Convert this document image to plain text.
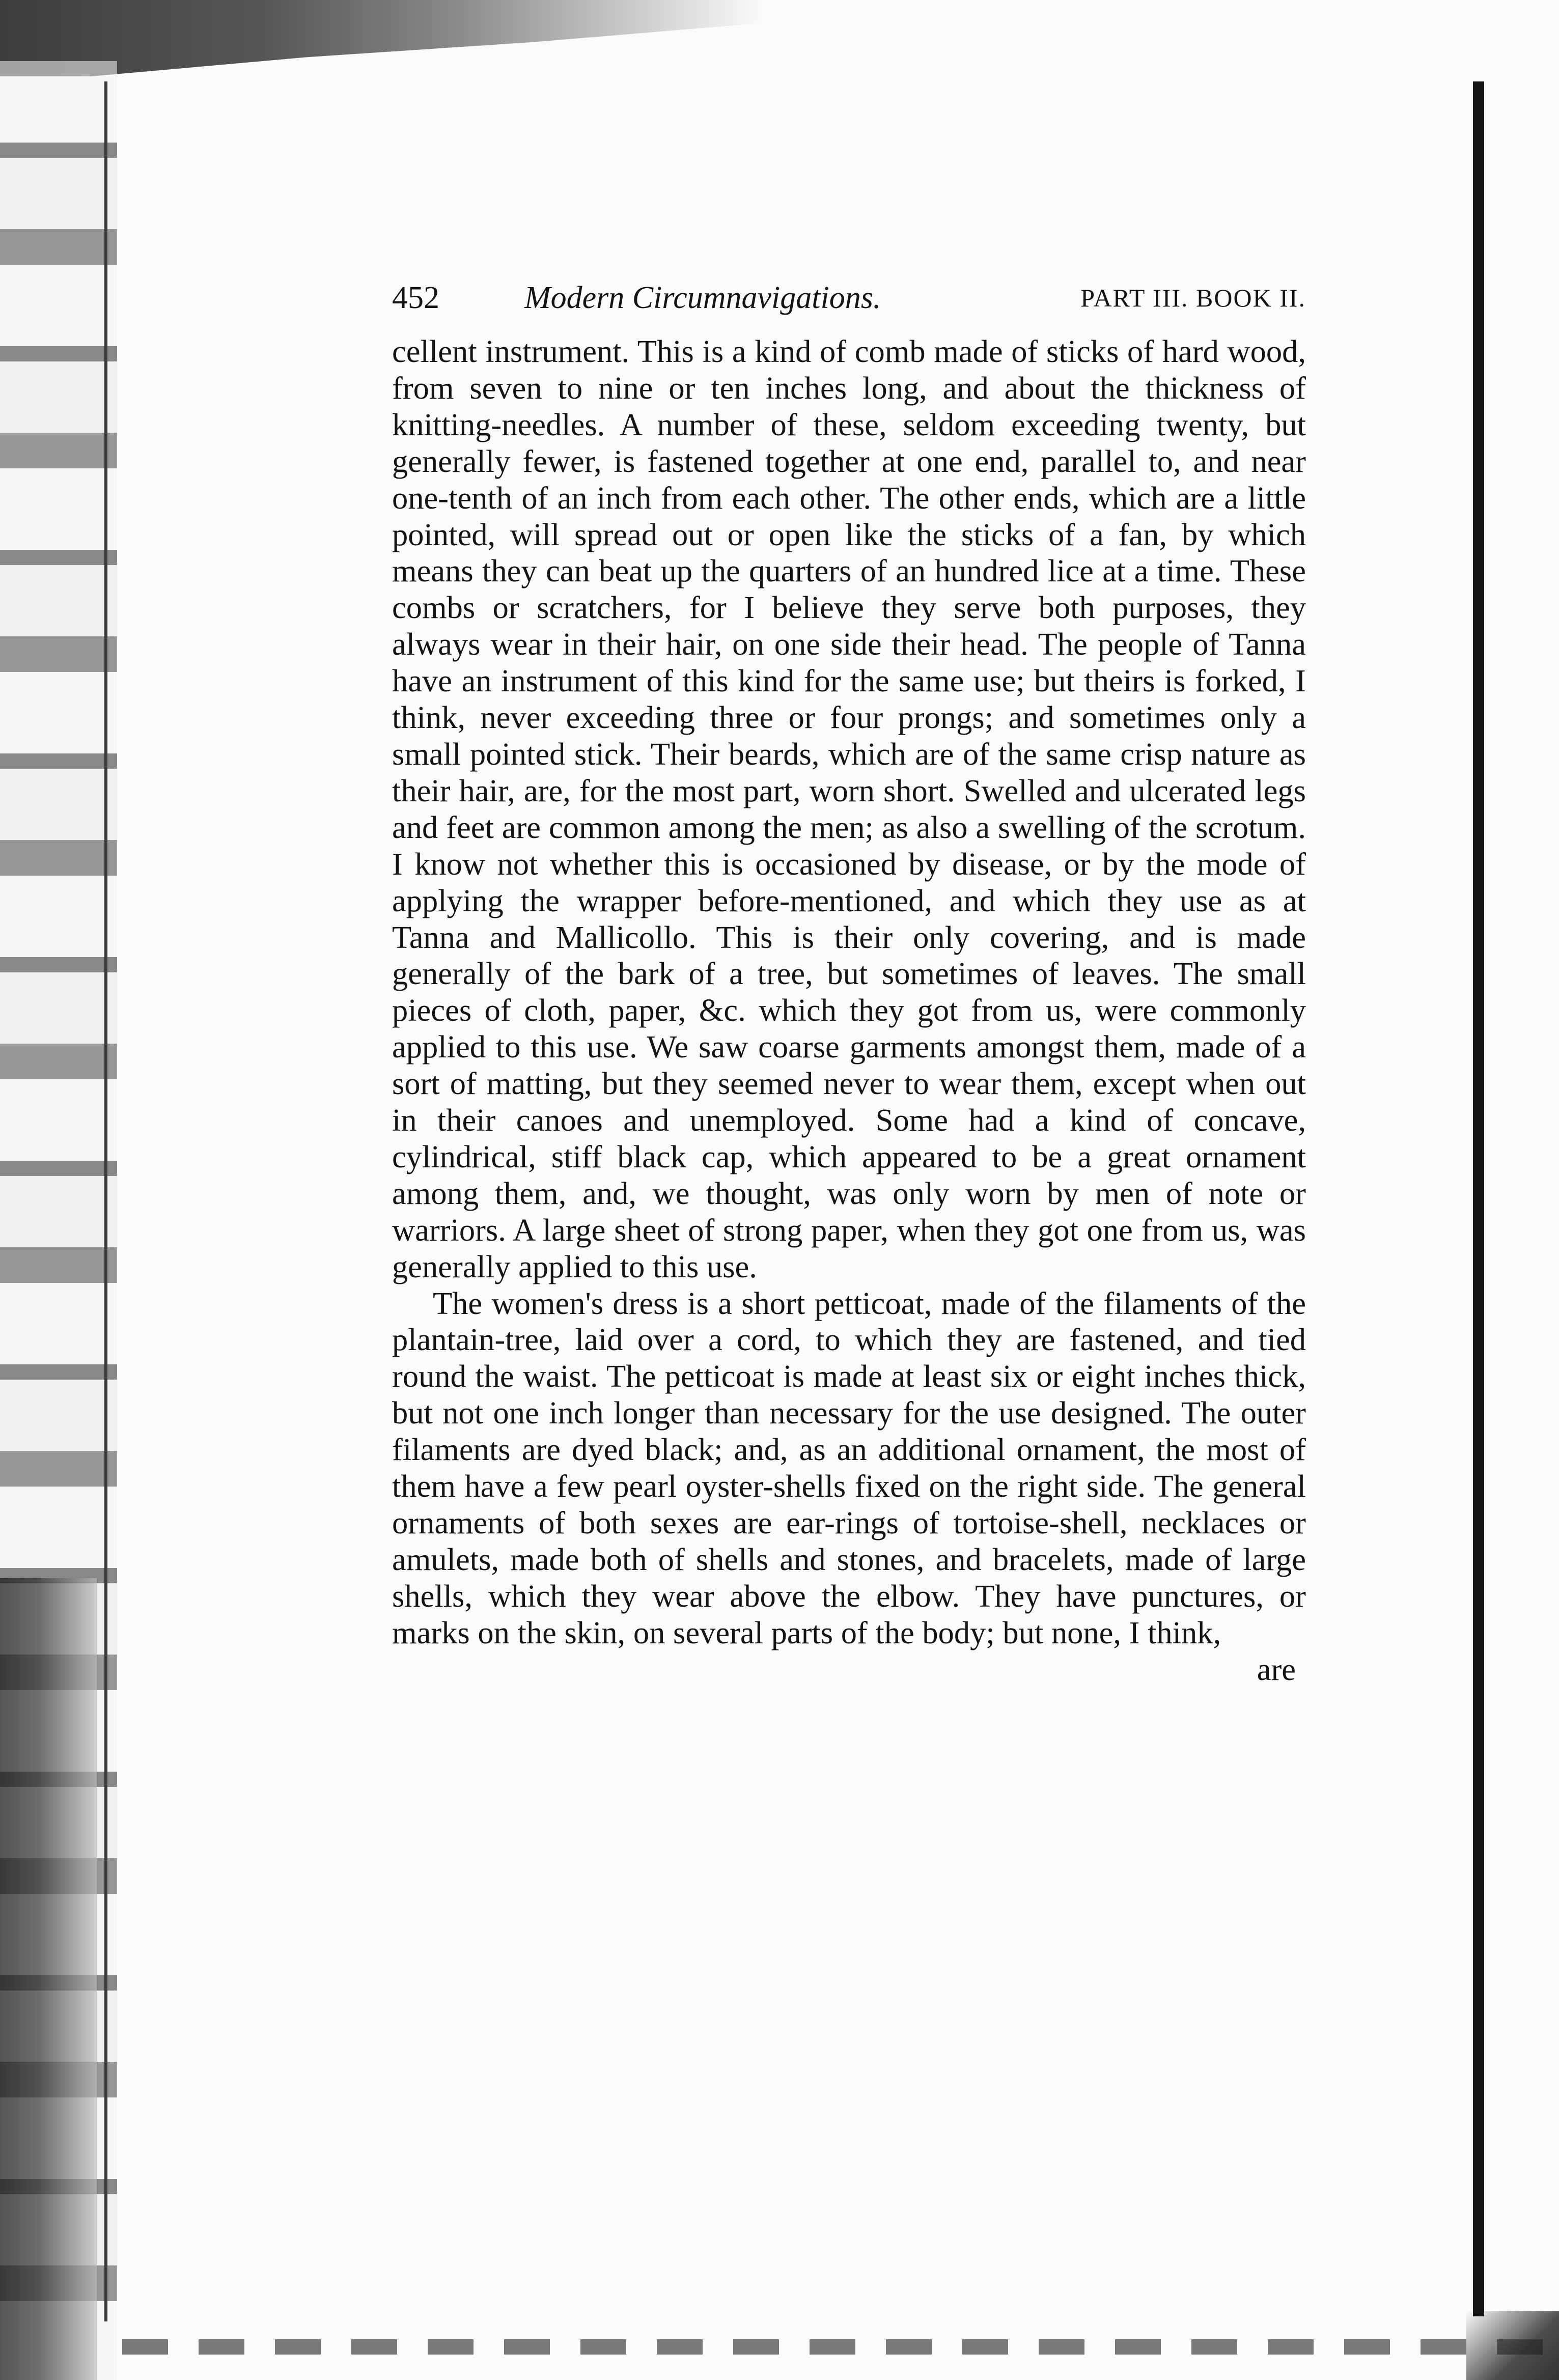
452	Modern Circumnavigations.	PART III. BOOK II.

cellent instrument. This is a kind of comb made of sticks of hard wood, from seven to nine or ten inches long, and about the thickness of knitting-needles. A number of these, seldom exceeding twenty, but generally fewer, is fastened together at one end, parallel to, and near one-tenth of an inch from each other. The other ends, which are a little pointed, will spread out or open like the sticks of a fan, by which means they can beat up the quarters of an hundred lice at a time. These combs or scratchers, for I believe they serve both purposes, they always wear in their hair, on one side their head. The people of Tanna have an instrument of this kind for the same use; but theirs is forked, I think, never exceeding three or four prongs; and sometimes only a small pointed stick. Their beards, which are of the same crisp nature as their hair, are, for the most part, worn short. Swelled and ulcerated legs and feet are common among the men; as also a swelling of the scrotum. I know not whether this is occasioned by disease, or by the mode of applying the wrapper before-mentioned, and which they use as at Tanna and Mallicollo. This is their only covering, and is made generally of the bark of a tree, but sometimes of leaves. The small pieces of cloth, paper, &c. which they got from us, were commonly applied to this use. We saw coarse garments amongst them, made of a sort of matting, but they seemed never to wear them, except when out in their canoes and unemployed. Some had a kind of concave, cylindrical, stiff black cap, which appeared to be a great ornament among them, and, we thought, was only worn by men of note or warriors. A large sheet of strong paper, when they got one from us, was generally applied to this use.

The women's dress is a short petticoat, made of the filaments of the plantain-tree, laid over a cord, to which they are fastened, and tied round the waist. The petticoat is made at least six or eight inches thick, but not one inch longer than necessary for the use designed. The outer filaments are dyed black; and, as an additional ornament, the most of them have a few pearl oyster-shells fixed on the right side. The general ornaments of both sexes are ear-rings of tortoise-shell, necklaces or amulets, made both of shells and stones, and bracelets, made of large shells, which they wear above the elbow. They have punctures, or marks on the skin, on several parts of the body; but none, I think,

are
